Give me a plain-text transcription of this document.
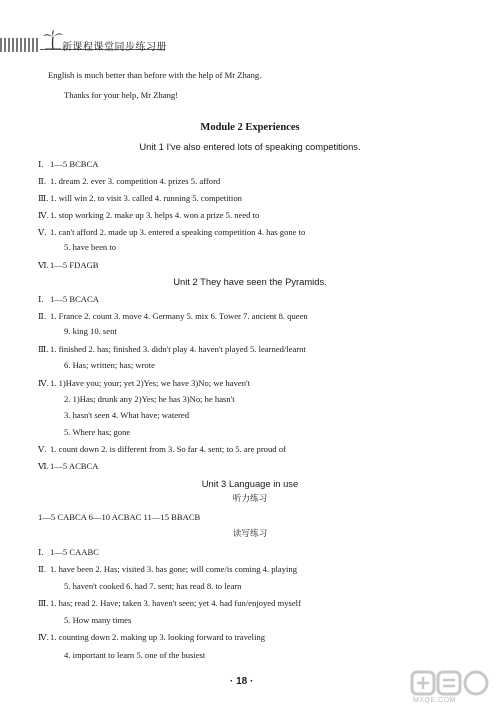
新课程课堂同步练习册
English is much better than before with the help of Mr Zhang.
Thanks for your help, Mr Zhang!
Module 2 Experiences
Unit 1 I've also entered lots of speaking competitions.
Ⅰ. 1—5 BCBCA
Ⅱ. 1. dream 2. ever 3. competition 4. prizes 5. afford
Ⅲ. 1. will win 2. to visit 3. called 4. running 5. competition
Ⅳ. 1. stop working 2. make up 3. helps 4. won a prize 5. need to
Ⅴ. 1. can't afford 2. made up 3. entered a speaking competition 4. has gone to
5. have been to
Ⅵ. 1—5 FDAGB
Unit 2 They have seen the Pyramids.
Ⅰ. 1—5 BCACA
Ⅱ. 1. France 2. count 3. move 4. Germany 5. mix 6. Tower 7. ancient 8. queen
9. king 10. sent
Ⅲ. 1. finished 2. has; finished 3. didn't play 4. haven't played 5. learned/learnt
6. Has; written; has; wrote
Ⅳ. 1. 1)Have you; your; yet 2)Yes; we have 3)No; we haven't
2. 1)Has; drunk any 2)Yes; he has 3)No; he hasn't
3. hasn't seen 4. What have; watered
5. Where has; gone
Ⅴ. 1. count down 2. is different from 3. So far 4. sent; to 5. are proud of
Ⅵ. 1—5 ACBCA
Unit 3 Language in use
听力练习
1—5 CABCA 6—10 ACBAC 11—15 BBACB
读写练习
Ⅰ. 1—5 CAABC
Ⅱ. 1. have been 2. Has; visited 3. has gone; will come/is coming 4. playing
5. haven't cooked 6. had 7. sent; has read 8. to learn
Ⅲ. 1. has; read 2. Have; taken 3. haven't seen; yet 4. had fun/enjoyed myself
5. How many times
Ⅳ. 1. counting down 2. making up 3. looking forward to traveling
4. important to learn 5. one of the busiest
· 18 ·
MXQE.COM
